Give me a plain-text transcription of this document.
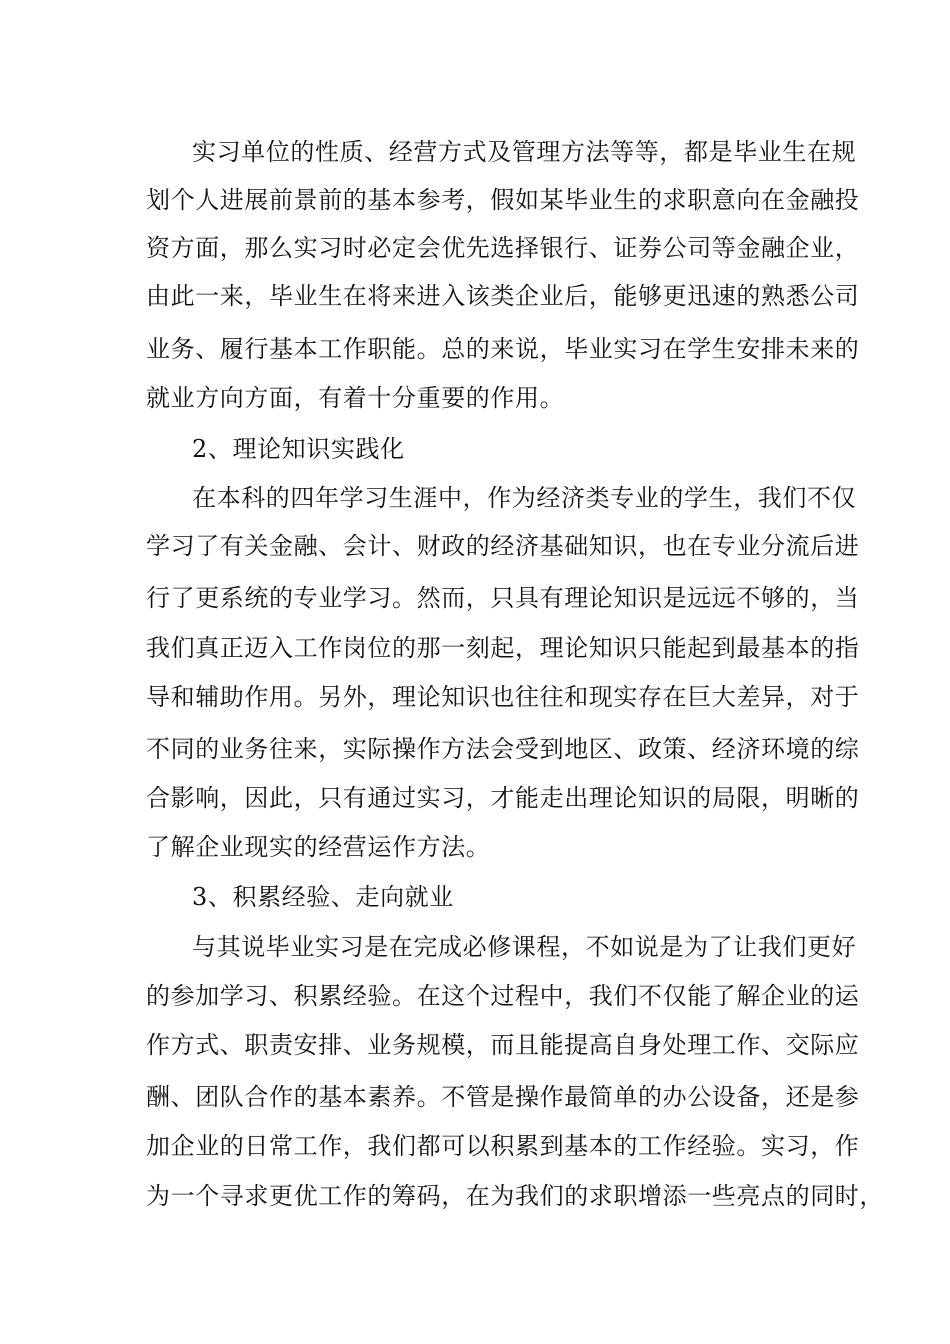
实习单位的性质、经营方式及管理方法等等，都是毕业生在规
划个人进展前景前的基本参考，假如某毕业生的求职意向在金融投
资方面，那么实习时必定会优先选择银行、证券公司等金融企业，
由此一来，毕业生在将来进入该类企业后，能够更迅速的熟悉公司
业务、履行基本工作职能。总的来说，毕业实习在学生安排未来的
就业方向方面，有着十分重要的作用。
2、理论知识实践化
在本科的四年学习生涯中，作为经济类专业的学生，我们不仅
学习了有关金融、会计、财政的经济基础知识，也在专业分流后进
行了更系统的专业学习。然而，只具有理论知识是远远不够的，当
我们真正迈入工作岗位的那一刻起，理论知识只能起到最基本的指
导和辅助作用。另外，理论知识也往往和现实存在巨大差异，对于
不同的业务往来，实际操作方法会受到地区、政策、经济环境的综
合影响，因此，只有通过实习，才能走出理论知识的局限，明晰的
了解企业现实的经营运作方法。
3、积累经验、走向就业
与其说毕业实习是在完成必修课程，不如说是为了让我们更好
的参加学习、积累经验。在这个过程中，我们不仅能了解企业的运
作方式、职责安排、业务规模，而且能提高自身处理工作、交际应
酬、团队合作的基本素养。不管是操作最简单的办公设备，还是参
加企业的日常工作，我们都可以积累到基本的工作经验。实习，作
为一个寻求更优工作的筹码，在为我们的求职增添一些亮点的同时，
